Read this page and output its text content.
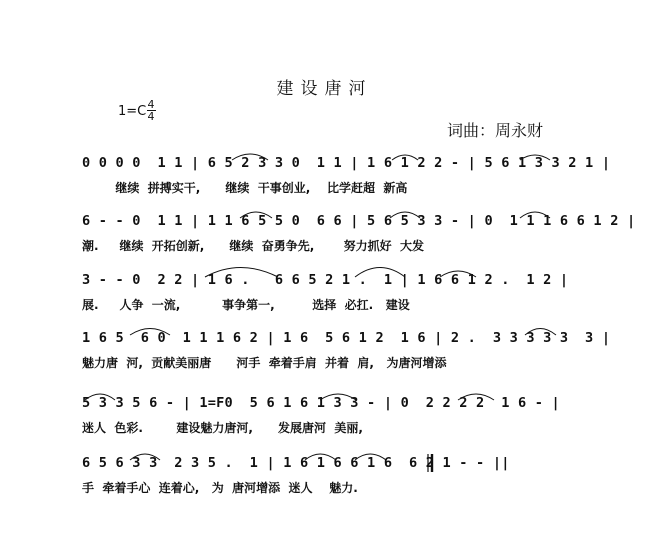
建设唐河
1=C 4
4
词曲：周永财
0 0 0 0  1 1 | 6 5 2 3 3 0  1 1 | 1 6 1 2 2 - | 5 6 1 3 3 2 1 |
继续  拼搏实干,      继续  干事创业,    比学赶超  新高
6 - - 0  1 1 | 1 1 6 5 5 0  6 6 | 5 6 5 3 3 - | 0  1 1 1 6 6 1 2 |
潮.     继续  开拓创新,      继续  奋勇争先,       努力抓好  大发
3 - - 0  2 2 | 1 6 .   6 6 5 2 1 .  1 | 1 6 6 1 2 .  1 2 |
展.     人争  一流,          事争第一,         选择  必扛.   建设
1 6 5  6 0  1 1 1 6 2 | 1 6  5 6 1 2  1 6 | 2 .  3 3 3 3 3  3 |
魅力唐  河,  贡献美丽唐      河手  牵着手肩  并着  肩,   为唐河增添
5 3 3 5 6 - | 1=F0  5 6 1 6 1 3 3 - | 0  2 2 2 2  1 6 - |
迷人  色彩.        建设魅力唐河,      发展唐河  美丽,
6 5 6 3 3  2 3 5 .  1 | 1 6 1 6 6 1 6  6 2 1 - - ||
手  牵着手心  连着心,   为  唐河增添  迷人    魅力.
